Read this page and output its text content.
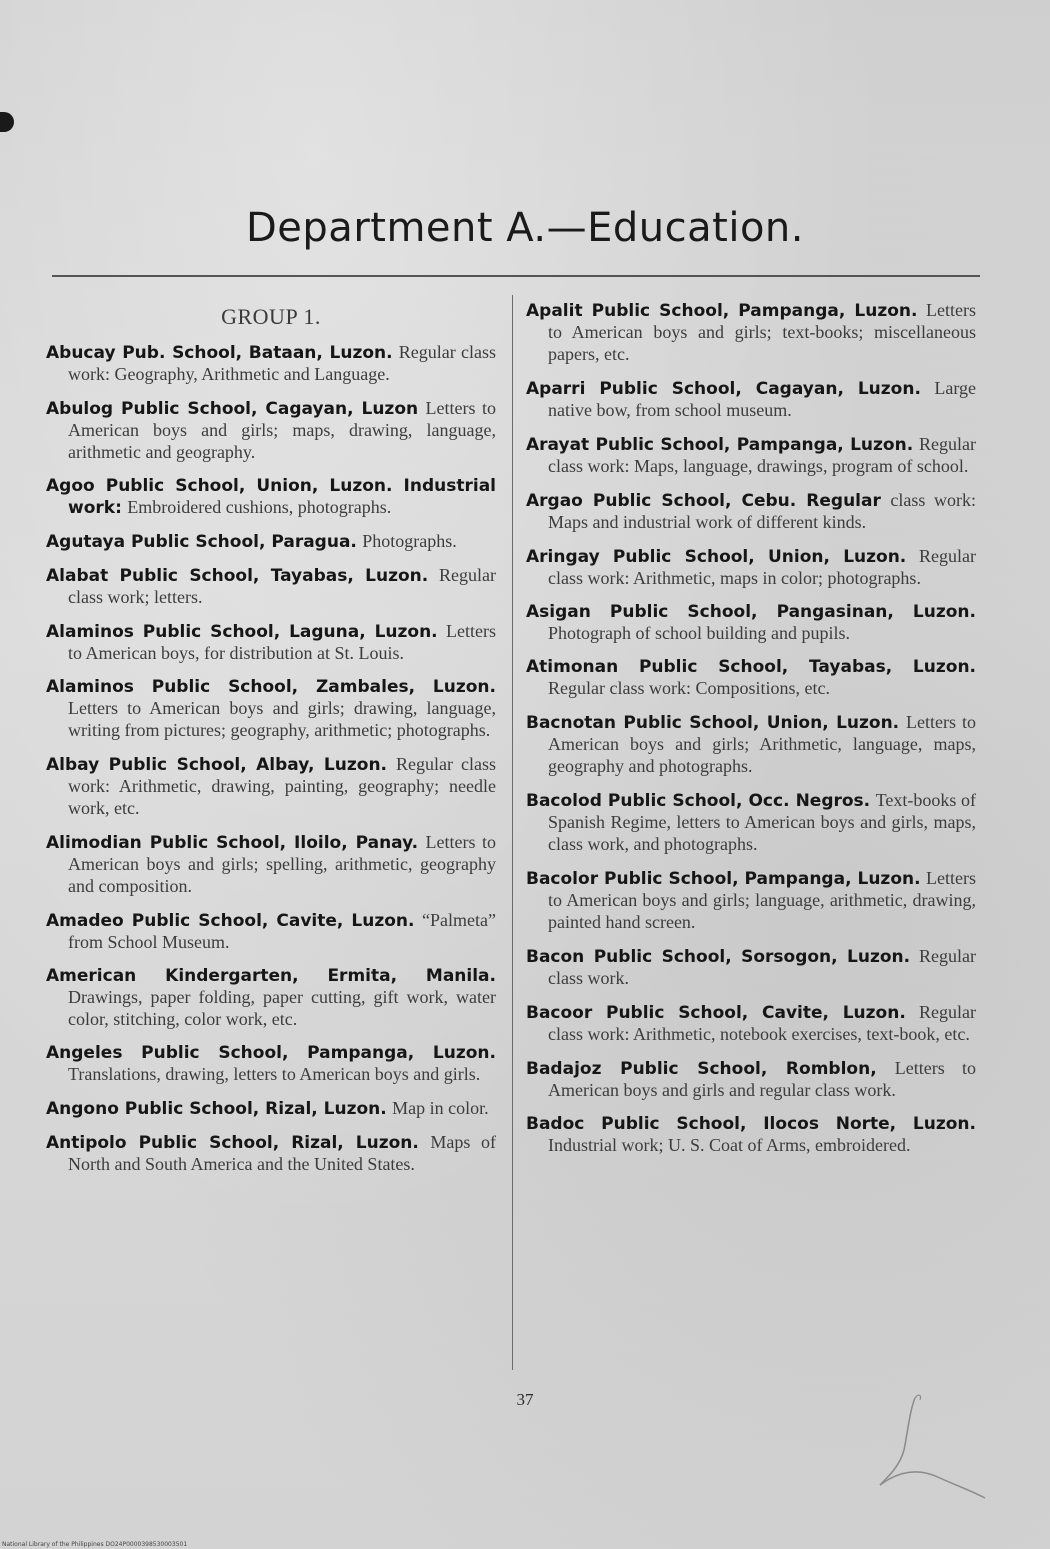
Department A.—Education.
GROUP 1.

Abucay Pub. School, Bataan, Luzon. Regular class work: Geography, Arithmetic and Language.

Abulog Public School, Cagayan, Luzon Letters to American boys and girls; maps, drawing, language, arithmetic and geography.

Agoo Public School, Union, Luzon. Industrial work: Embroidered cushions, photographs.

Agutaya Public School, Paragua. Photographs.

Alabat Public School, Tayabas, Luzon. Regular class work; letters.

Alaminos Public School, Laguna, Luzon. Letters to American boys, for distribution at St. Louis.

Alaminos Public School, Zambales, Luzon. Letters to American boys and girls; drawing, language, writing from pictures; geography, arithmetic; photographs.

Albay Public School, Albay, Luzon. Regular class work: Arithmetic, drawing, painting, geography; needle work, etc.

Alimodian Public School, Iloilo, Panay. Letters to American boys and girls; spelling, arithmetic, geography and composition.

Amadeo Public School, Cavite, Luzon. “Palmeta” from School Museum.

American Kindergarten, Ermita, Manila. Drawings, paper folding, paper cutting, gift work, water color, stitching, color work, etc.

Angeles Public School, Pampanga, Luzon. Translations, drawing, letters to American boys and girls.

Angono Public School, Rizal, Luzon. Map in color.

Antipolo Public School, Rizal, Luzon. Maps of North and South America and the United States.

Apalit Public School, Pampanga, Luzon. Letters to American boys and girls; text-books; miscellaneous papers, etc.

Aparri Public School, Cagayan, Luzon. Large native bow, from school museum.

Arayat Public School, Pampanga, Luzon. Regular class work: Maps, language, drawings, program of school.

Argao Public School, Cebu. Regular class work: Maps and industrial work of different kinds.

Aringay Public School, Union, Luzon. Regular class work: Arithmetic, maps in color; photographs.

Asigan Public School, Pangasinan, Luzon. Photograph of school building and pupils.

Atimonan Public School, Tayabas, Luzon. Regular class work: Compositions, etc.

Bacnotan Public School, Union, Luzon. Letters to American boys and girls; Arithmetic, language, maps, geography and photographs.

Bacolod Public School, Occ. Negros. Text-books of Spanish Regime, letters to American boys and girls, maps, class work, and photographs.

Bacolor Public School, Pampanga, Luzon. Letters to American boys and girls; language, arithmetic, drawing, painted hand screen.

Bacon Public School, Sorsogon, Luzon. Regular class work.

Bacoor Public School, Cavite, Luzon. Regular class work: Arithmetic, notebook exercises, text-book, etc.

Badajoz Public School, Romblon, Letters to American boys and girls and regular class work.

Badoc Public School, Ilocos Norte, Luzon. Industrial work; U. S. Coat of Arms, embroidered.

37
National Library of the Philippines DO24P0000398530003501
